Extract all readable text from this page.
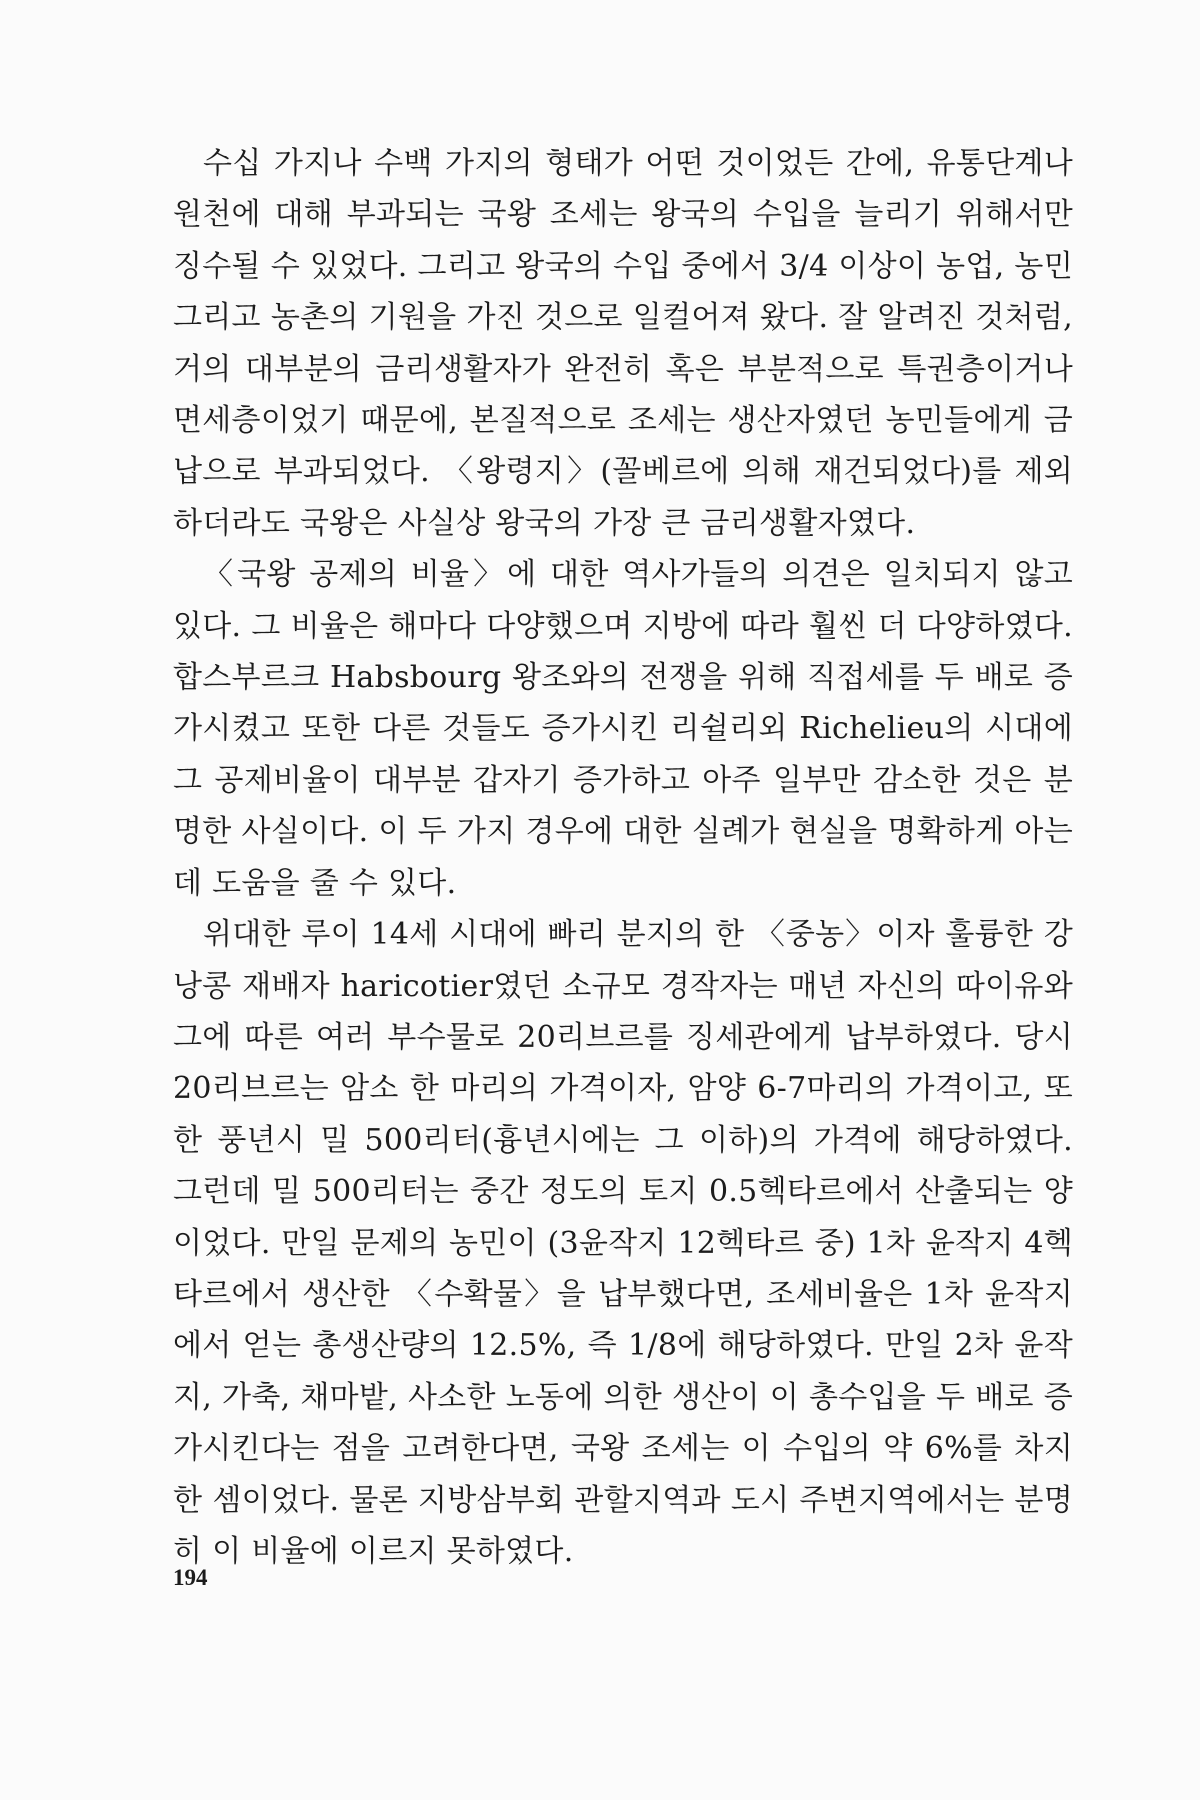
수십 가지나 수백 가지의 형태가 어떤 것이었든 간에, 유통단계나 원천에 대해 부과되는 국왕 조세는 왕국의 수입을 늘리기 위해서만 징수될 수 있었다. 그리고 왕국의 수입 중에서 3/4 이상이 농업, 농민 그리고 농촌의 기원을 가진 것으로 일컬어져 왔다. 잘 알려진 것처럼, 거의 대부분의 금리생활자가 완전히 혹은 부분적으로 특권층이거나 면세층이었기 때문에, 본질적으로 조세는 생산자였던 농민들에게 금납으로 부과되었다. 〈왕령지〉(꼴베르에 의해 재건되었다)를 제외하더라도 국왕은 사실상 왕국의 가장 큰 금리생활자였다.

〈국왕 공제의 비율〉에 대한 역사가들의 의견은 일치되지 않고 있다. 그 비율은 해마다 다양했으며 지방에 따라 훨씬 더 다양하였다. 합스부르크 Habsbourg 왕조와의 전쟁을 위해 직접세를 두 배로 증가시켰고 또한 다른 것들도 증가시킨 리쉴리외 Richelieu의 시대에 그 공제비율이 대부분 갑자기 증가하고 아주 일부만 감소한 것은 분명한 사실이다. 이 두 가지 경우에 대한 실례가 현실을 명확하게 아는 데 도움을 줄 수 있다.

위대한 루이 14세 시대에 빠리 분지의 한 〈중농〉이자 훌륭한 강낭콩 재배자 haricotier였던 소규모 경작자는 매년 자신의 따이유와 그에 따른 여러 부수물로 20리브르를 징세관에게 납부하였다. 당시 20리브르는 암소 한 마리의 가격이자, 암양 6-7마리의 가격이고, 또한 풍년시 밀 500리터(흉년시에는 그 이하)의 가격에 해당하였다. 그런데 밀 500리터는 중간 정도의 토지 0.5헥타르에서 산출되는 양이었다. 만일 문제의 농민이 (3윤작지 12헥타르 중) 1차 윤작지 4헥타르에서 생산한 〈수확물〉을 납부했다면, 조세비율은 1차 윤작지에서 얻는 총생산량의 12.5%, 즉 1/8에 해당하였다. 만일 2차 윤작지, 가축, 채마밭, 사소한 노동에 의한 생산이 이 총수입을 두 배로 증가시킨다는 점을 고려한다면, 국왕 조세는 이 수입의 약 6%를 차지한 셈이었다. 물론 지방삼부회 관할지역과 도시 주변지역에서는 분명히 이 비율에 이르지 못하였다.

194
